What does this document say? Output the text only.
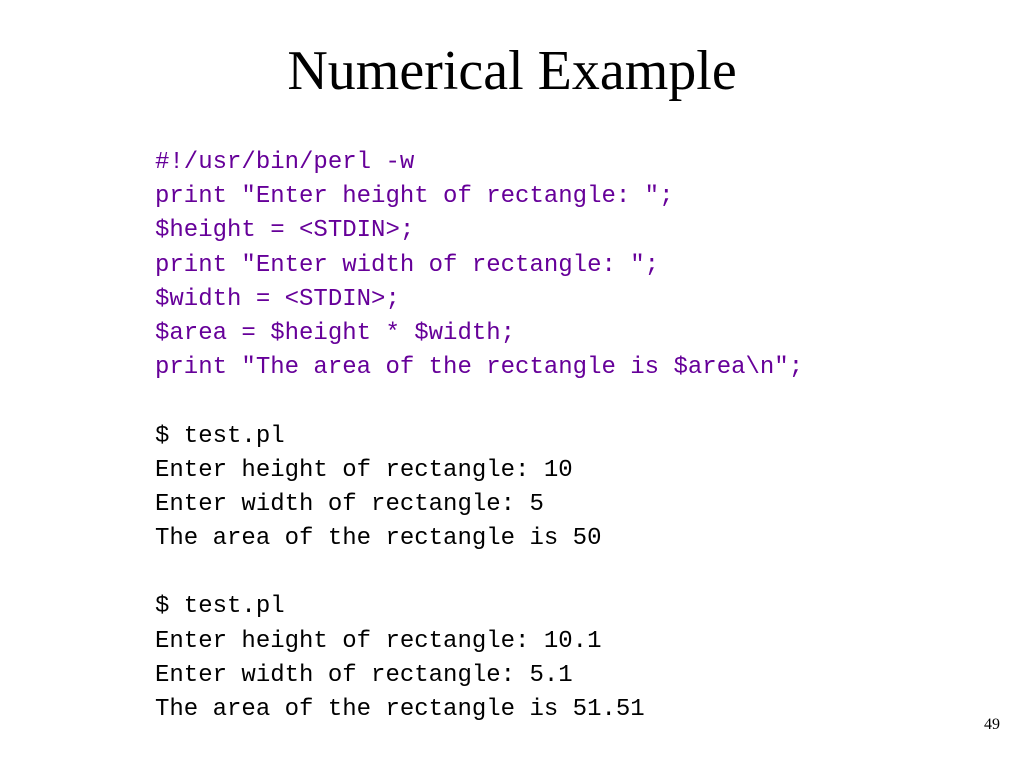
Numerical Example
#!/usr/bin/perl -w
print "Enter height of rectangle: ";
$height = <STDIN>;
print "Enter width of rectangle: ";
$width = <STDIN>;
$area = $height * $width;
print "The area of the rectangle is $area\n";
$ test.pl
Enter height of rectangle: 10
Enter width of rectangle: 5
The area of the rectangle is 50
$ test.pl
Enter height of rectangle: 10.1
Enter width of rectangle: 5.1
The area of the rectangle is 51.51
49
